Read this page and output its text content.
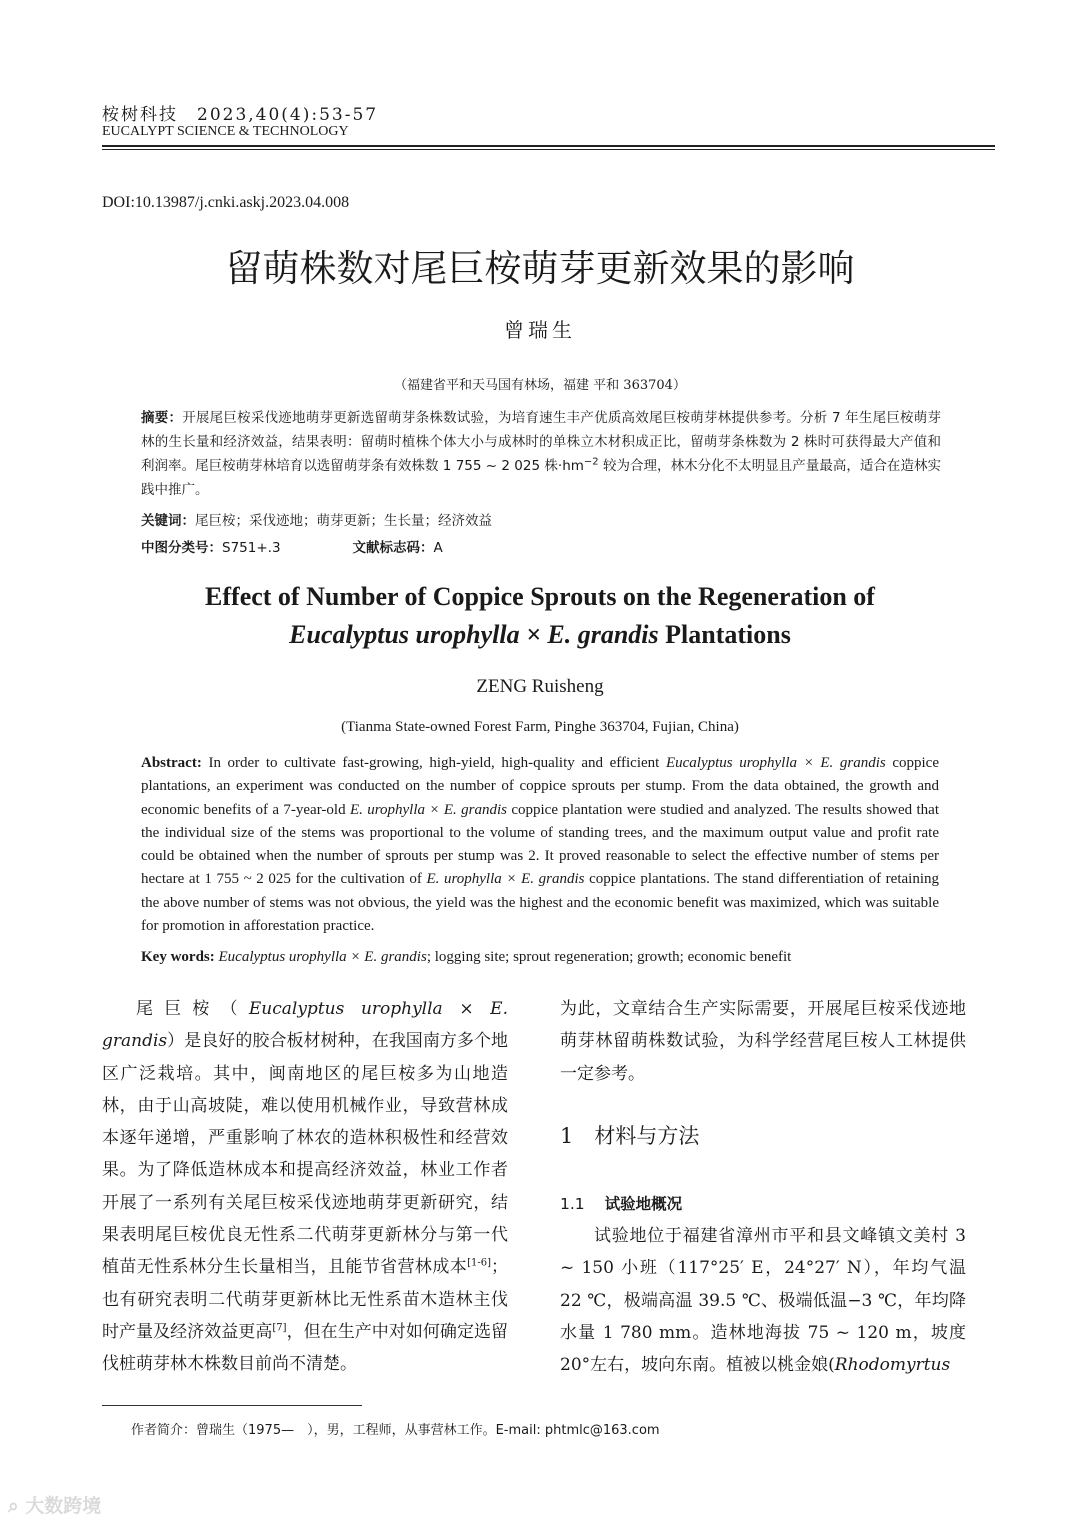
桉树科技　2023,40(4):53-57
EUCALYPT SCIENCE & TECHNOLOGY
DOI:10.13987/j.cnki.askj.2023.04.008
留萌株数对尾巨桉萌芽更新效果的影响
曾瑞生
（福建省平和天马国有林场，福建 平和 363704）
摘要：开展尾巨桉采伐迹地萌芽更新选留萌芽条株数试验，为培育速生丰产优质高效尾巨桉萌芽林提供参考。分析 7 年生尾巨桉萌芽林的生长量和经济效益，结果表明：留萌时植株个体大小与成林时的单株立木材积成正比，留萌芽条株数为 2 株时可获得最大产值和利润率。尾巨桉萌芽林培育以选留萌芽条有效株数 1 755 ~ 2 025 株$\cdot hm^{-2}$ 较为合理，林木分化不太明显且产量最高，适合在造林实践中推广。
关键词：尾巨桉；采伐迹地；萌芽更新；生长量；经济效益
中图分类号：S751+.3	文献标志码：A
Effect of Number of Coppice Sprouts on the Regeneration of
Eucalyptus urophylla × E. grandis Plantations
ZENG Ruisheng
(Tianma State-owned Forest Farm, Pinghe 363704, Fujian, China)
Abstract: In order to cultivate fast-growing, high-yield, high-quality and efficient Eucalyptus urophylla × E. grandis coppice plantations, an experiment was conducted on the number of coppice sprouts per stump. From the data obtained, the growth and economic benefits of a 7-year-old E. urophylla × E. grandis coppice plantation were studied and analyzed. The results showed that the individual size of the stems was proportional to the volume of standing trees, and the maximum output value and profit rate could be obtained when the number of sprouts per stump was 2. It proved reasonable to select the effective number of stems per hectare at 1 755 ~ 2 025 for the cultivation of E. urophylla × E. grandis coppice plantations. The stand differentiation of retaining the above number of stems was not obvious, the yield was the highest and the economic benefit was maximized, which was suitable for promotion in afforestation practice.
Key words: Eucalyptus urophylla × E. grandis; logging site; sprout regeneration; growth; economic benefit

尾巨桉（Eucalyptus urophylla × E. grandis）是良好的胶合板材树种，在我国南方多个地区广泛栽培。其中，闽南地区的尾巨桉多为山地造林，由于山高坡陡，难以使用机械作业，导致营林成本逐年递增，严重影响了林农的造林积极性和经营效果。为了降低造林成本和提高经济效益，林业工作者开展了一系列有关尾巨桉采伐迹地萌芽更新研究，结果表明尾巨桉优良无性系二代萌芽更新林分与第一代植苗无性系林分生长量相当，且能节省营林成本[1-6]；也有研究表明二代萌芽更新林比无性系苗木造林主伐时产量及经济效益更高[7]，但在生产中对如何确定选留伐桩萌芽林木株数目前尚不清楚。

为此，文章结合生产实际需要，开展尾巨桉采伐迹地萌芽林留萌株数试验，为科学经营尾巨桉人工林提供一定参考。
1　 材料与方法
1.1 试验地概况

试验地位于福建省漳州市平和县文峰镇文美村 3 ~ 150 小班（117°25′ E，24°27′ N），年均气温 22 ℃，极端高温 39.5 ℃、极端低温−3 ℃，年均降水量 1 780 mm。造林地海拔 75 ~ 120 m，坡度20°左右，坡向东南。植被以桃金娘(Rhodomyrtus

作者简介：曾瑞生（1975—　），男，工程师，从事营林工作。E-mail: phtmlc@163.com
⌕ 大数跨境
